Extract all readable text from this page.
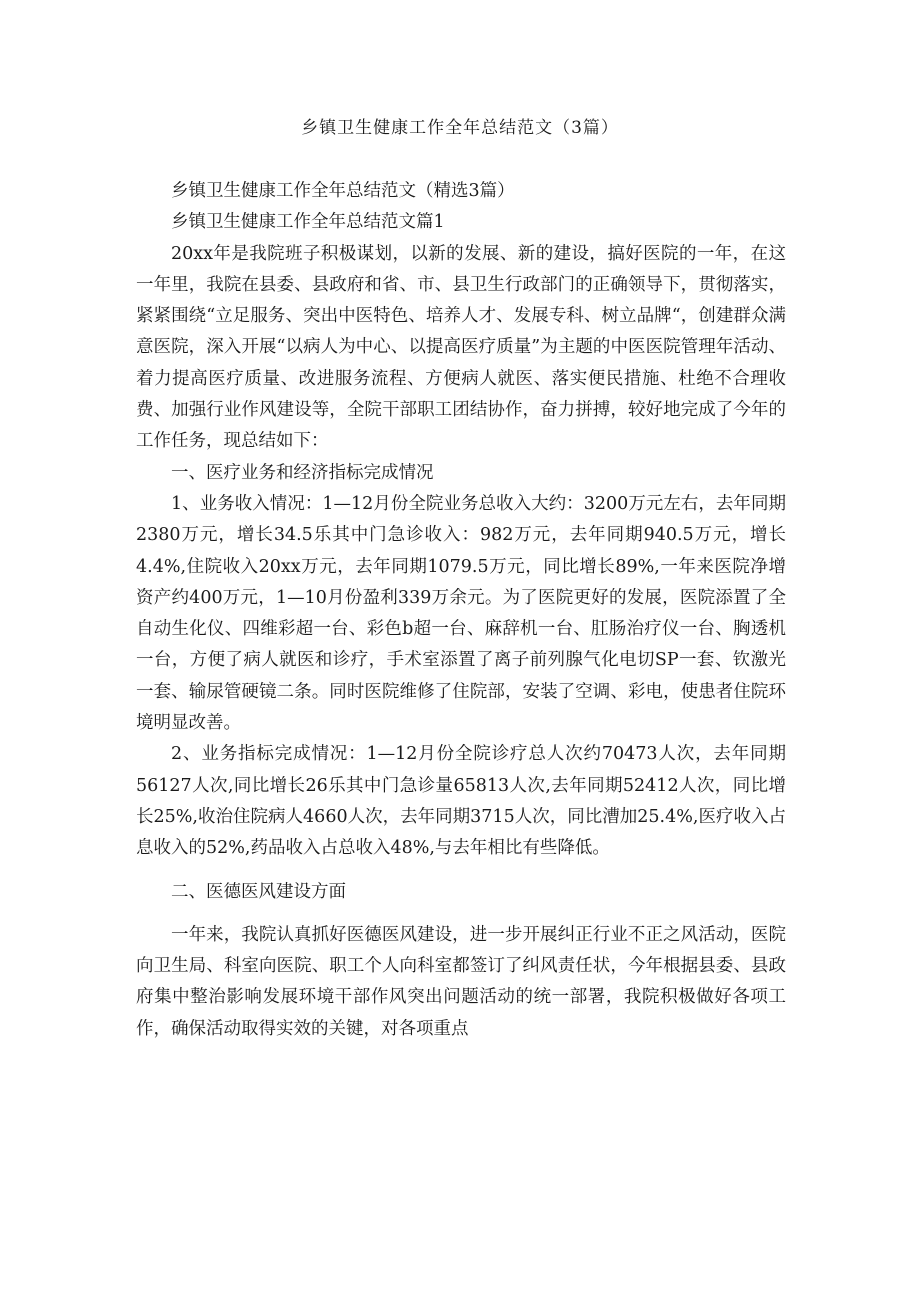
乡镇卫生健康工作全年总结范文（3篇）

乡镇卫生健康工作全年总结范文（精选3篇）

乡镇卫生健康工作全年总结范文篇1

20xx年是我院班子积极谋划，以新的发展、新的建设，搞好医院的一年，在这一年里，我院在县委、县政府和省、市、县卫生行政部门的正确领导下，贯彻落实，紧紧围绕“立足服务、突出中医特色、培养人才、发展专科、树立品牌“，创建群众满意医院，深入开展“以病人为中心、以提高医疗质量”为主题的中医医院管理年活动、着力提高医疗质量、改进服务流程、方便病人就医、落实便民措施、杜绝不合理收费、加强行业作风建设等，全院干部职工团结协作，奋力拼搏，较好地完成了今年的工作任务，现总结如下：

一、医疗业务和经济指标完成情况

1、业务收入情况：1—12月份全院业务总收入大约：3200万元左右，去年同期2380万元，增长34.5乐其中门急诊收入：982万元，去年同期940.5万元，增长4.4%,住院收入20xx万元，去年同期1079.5万元，同比增长89%,一年来医院净增资产约400万元，1—10月份盈利339万余元。为了医院更好的发展，医院添置了全自动生化仪、四维彩超一台、彩色b超一台、麻辞机一台、肛肠治疗仪一台、胸透机一台，方便了病人就医和诊疗，手术室添置了离子前列腺气化电切SP一套、钦激光一套、输尿管硬镜二条。同时医院维修了住院部，安装了空调、彩电，使患者住院环境明显改善。

2、业务指标完成情况：1—12月份全院诊疗总人次约70473人次，去年同期56127人次,同比增长26乐其中门急诊量65813人次,去年同期52412人次，同比增长25%,收治住院病人4660人次，去年同期3715人次，同比漕加25.4%,医疗收入占息收入的52%,药品收入占总收入48%,与去年相比有些降低。

二、医德医风建设方面

一年来，我院认真抓好医德医风建设，进一步开展纠正行业不正之风活动，医院向卫生局、科室向医院、职工个人向科室都签订了纠风责任状，今年根据县委、县政府集中整治影响发展环境干部作风突出问题活动的统一部署，我院积极做好各项工作，确保活动取得实效的关键，对各项重点
